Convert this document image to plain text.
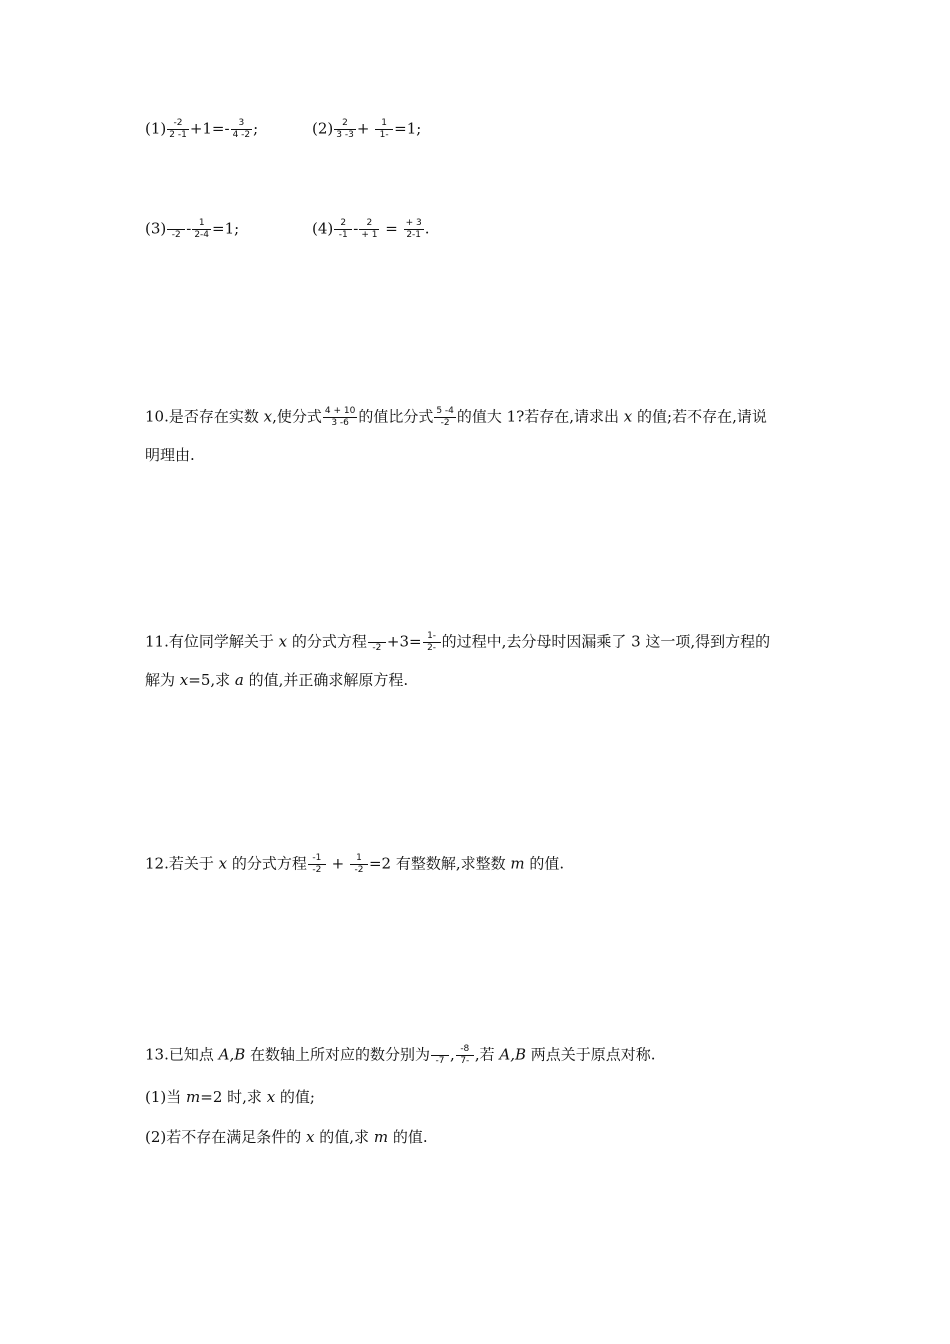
$(1) \frac{-2}{2 -1} +1=- \frac{3}{4 -2}$ ;	$(2) \frac{2}{3 -3} + \frac{1}{1-} =1$;
(3)
$-2 - \frac{1}{2-4} =1$;	$(4) \frac{2}{-1} - \frac{2}{+ 1} = \frac{+ 3}{2-1}$ .
10.是否存在实数 x,使分式 $\frac{4 + 10}{3 -6}$ 的值比分式 $\frac{5 -4}{-2}$ 的值大 1?若存在,请求出 x 的值;若不存在,请说
明理由.
11.有位同学解关于 x 的分式方程
$-2 +3= \frac{1-}{2-}$ 的过程中,去分母时因漏乘了 3 这一项,得到方程的
解为 x=5,求 a 的值,并正确求解原方程.
12.若关于 x 的分式方程 $\frac{-1}{-2} + \frac{1}{-2} =2$ 有整数解,求整数 m 的值.
13.已知点 A,B 在数轴上所对应的数分别为
-7 , $\frac{-8}{7-}$ ,若 A,B 两点关于原点对称.
(1)当 m=2 时,求 x 的值;
(2)若不存在满足条件的 x 的值,求 m 的值.
